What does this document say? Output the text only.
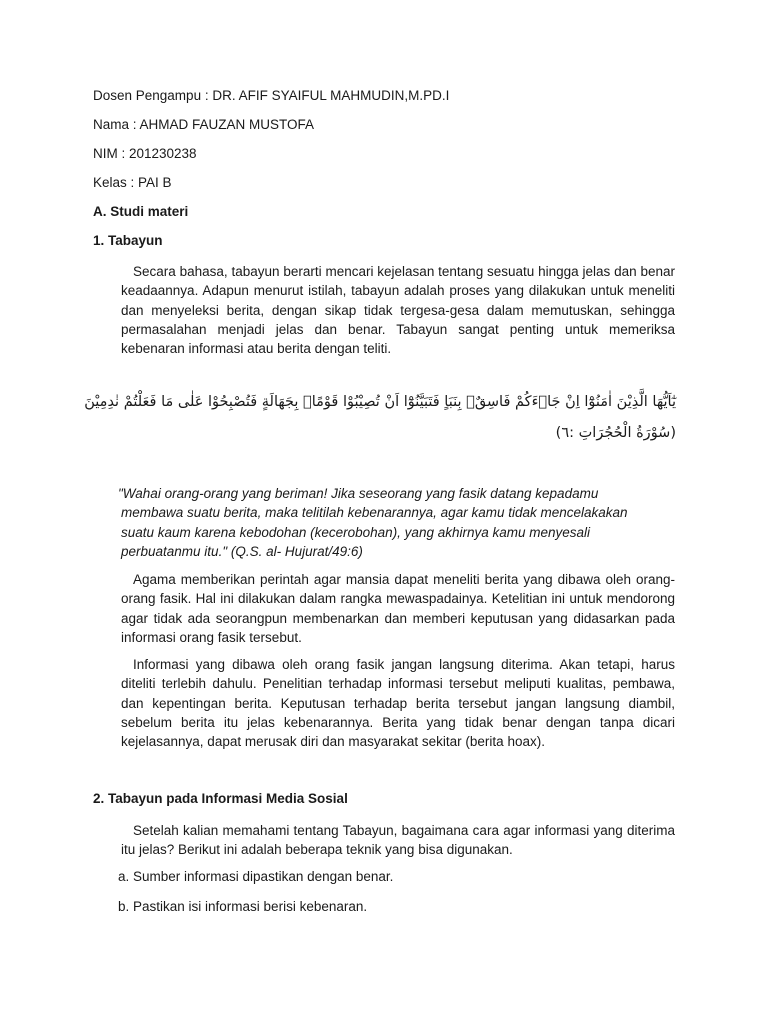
Dosen Pengampu : DR. AFIF SYAIFUL MAHMUDIN,M.PD.I
Nama : AHMAD FAUZAN MUSTOFA
NIM : 201230238
Kelas : PAI B
A. Studi materi
1. Tabayun

Secara bahasa, tabayun berarti mencari kejelasan tentang sesuatu hingga jelas dan benar keadaannya. Adapun menurut istilah, tabayun adalah proses yang dilakukan untuk meneliti dan menyeleksi berita, dengan sikap tidak tergesa-gesa dalam memutuskan, sehingga permasalahan menjadi jelas dan benar. Tabayun sangat penting untuk memeriksa kebenaran informasi atau berita dengan teliti.

يٰٓاَيُّهَا الَّذِيْنَ اٰمَنُوْٓا اِنْ جَاۤءَكُمْ فَاسِقٌۢ بِنَبَاٍ فَتَبَيَّنُوْٓا اَنْ تُصِيْبُوْا قَوْمًاۢ بِجَهَالَةٍ فَتُصْبِحُوْا عَلٰى مَا فَعَلْتُمْ نٰدِمِيْنَ
(سُوْرَةُ الْحُجُرَاتِ :٦)

"Wahai orang-orang yang beriman! Jika seseorang yang fasik datang kepadamu
membawa suatu berita, maka telitilah kebenarannya, agar kamu tidak mencelakakan
suatu kaum karena kebodohan (kecerobohan), yang akhirnya kamu menyesali
perbuatanmu itu." (Q.S. al- Hujurat/49:6)

Agama memberikan perintah agar mansia dapat meneliti berita yang dibawa oleh orang-orang fasik. Hal ini dilakukan dalam rangka mewaspadainya. Ketelitian ini untuk mendorong agar tidak ada seorangpun membenarkan dan memberi keputusan yang didasarkan pada informasi orang fasik tersebut.

Informasi yang dibawa oleh orang fasik jangan langsung diterima. Akan tetapi, harus diteliti terlebih dahulu. Penelitian terhadap informasi tersebut meliputi kualitas, pembawa, dan kepentingan berita. Keputusan terhadap berita tersebut jangan langsung diambil, sebelum berita itu jelas kebenarannya. Berita yang tidak benar dengan tanpa dicari kejelasannya, dapat merusak diri dan masyarakat sekitar (berita hoax).

2. Tabayun pada Informasi Media Sosial

Setelah kalian memahami tentang Tabayun, bagaimana cara agar informasi yang diterima itu jelas? Berikut ini adalah beberapa teknik yang bisa digunakan.

a. Sumber informasi dipastikan dengan benar.
b. Pastikan isi informasi berisi kebenaran.
